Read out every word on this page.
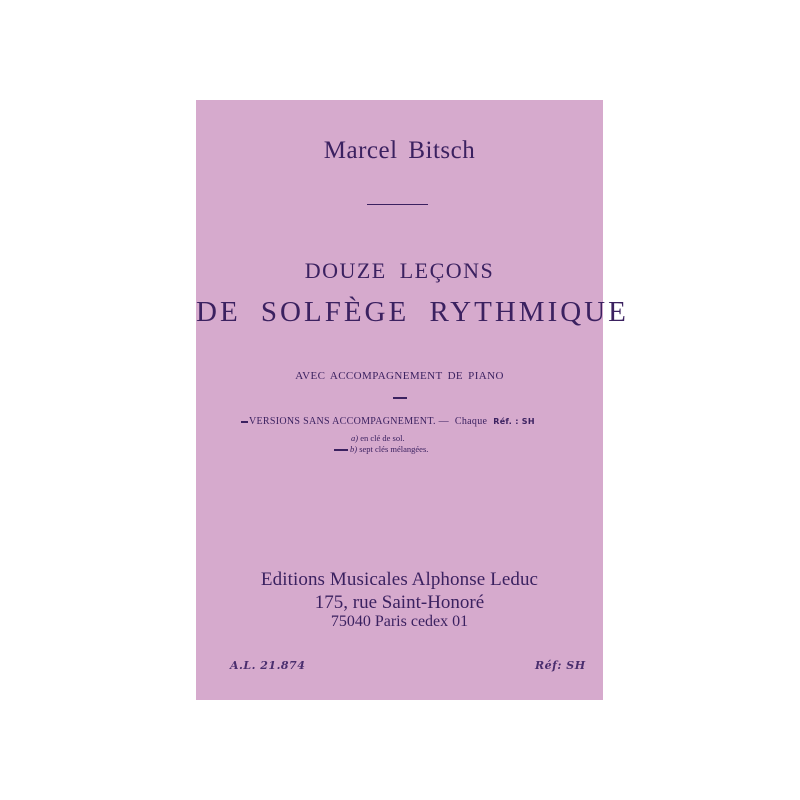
Marcel Bitsch
DOUZE LEÇONS
DE SOLFÈGE RYTHMIQUE
AVEC ACCOMPAGNEMENT DE PIANO
VERSIONS SANS ACCOMPAGNEMENT. — Chaque Réf. : SH
a) en clé de sol.
b) sept clés mélangées.
Editions Musicales Alphonse Leduc
175, rue Saint-Honoré
75040 Paris cedex 01
A.L. 21.874	Réf: SH
